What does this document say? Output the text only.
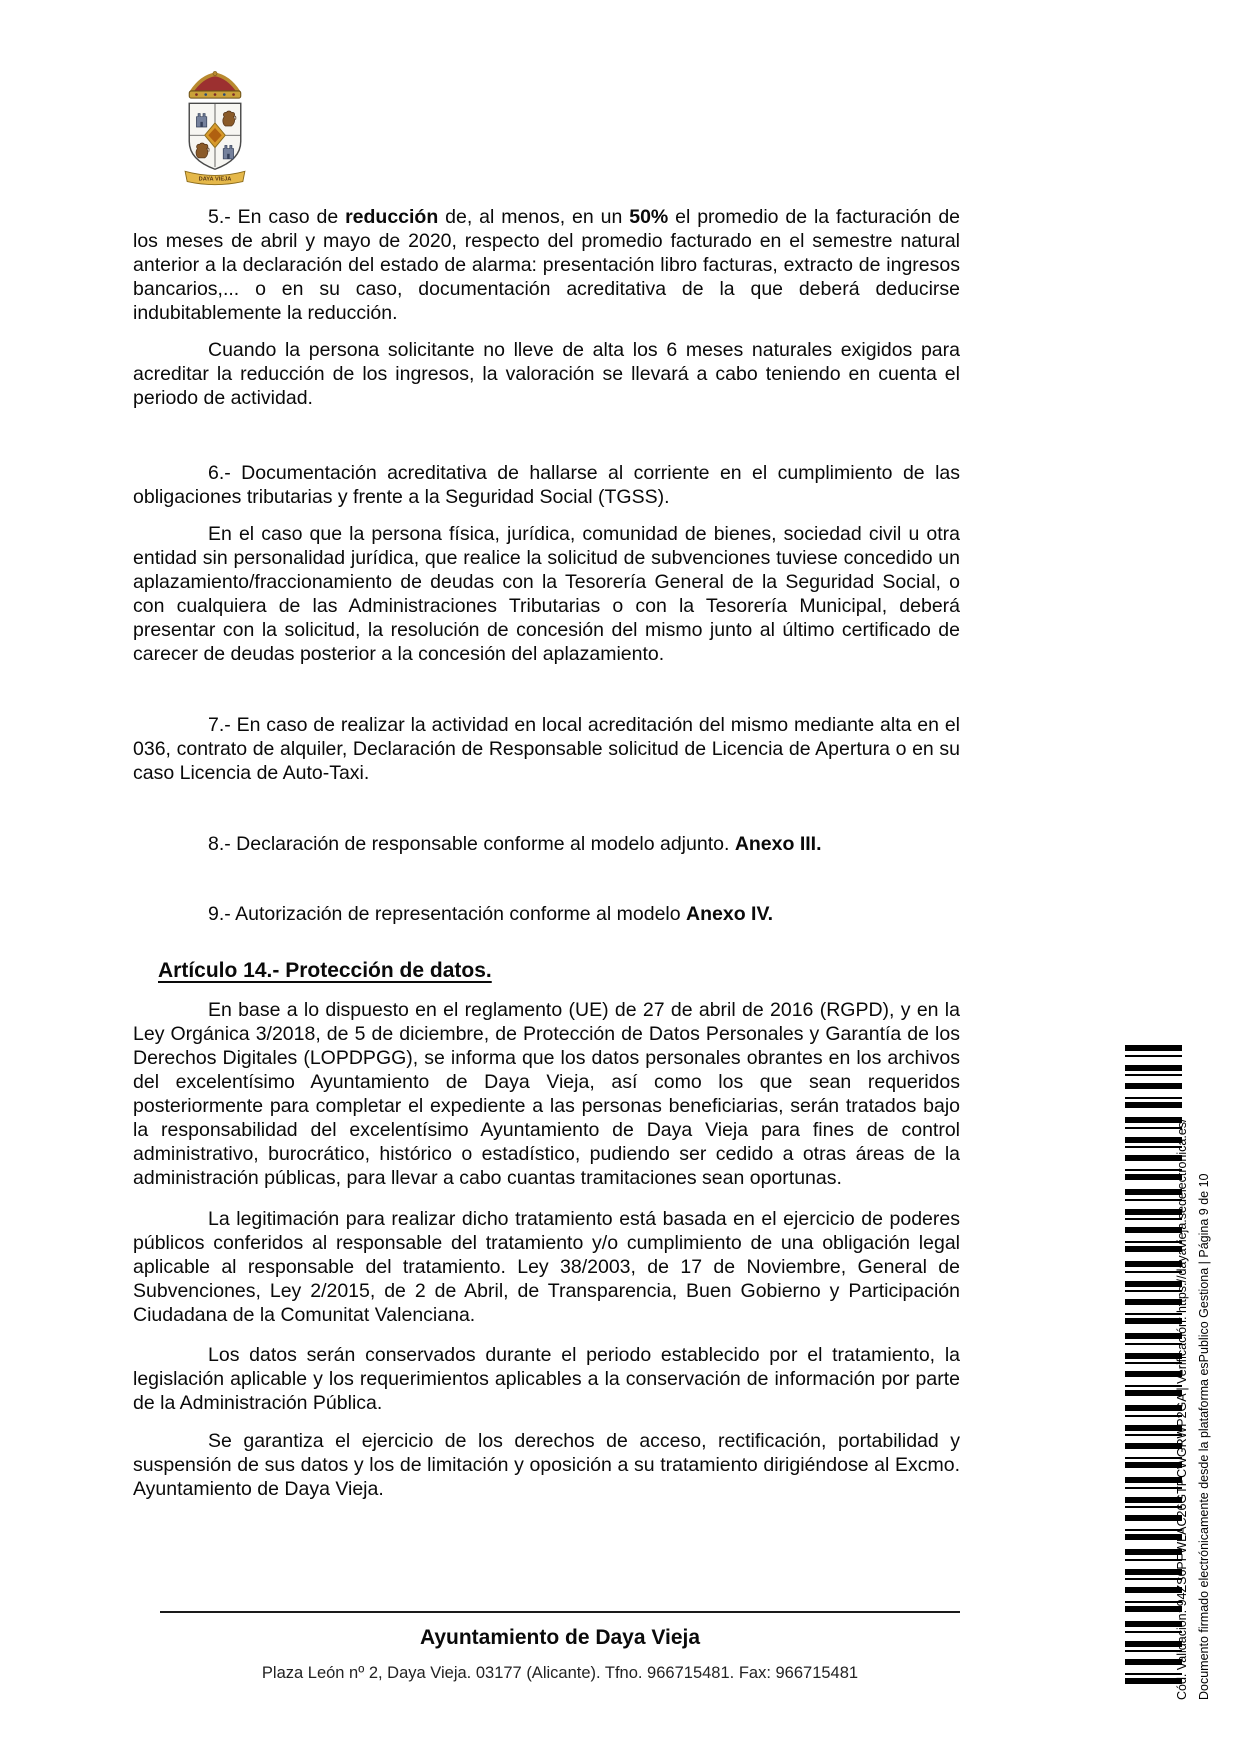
DAYA VIEJA

5.- En caso de reducción de, al menos, en un 50% el promedio de la facturación de los meses de abril y mayo de 2020, respecto del promedio facturado en el semestre natural anterior a la declaración del estado de alarma: presentación libro facturas, extracto de ingresos bancarios,... o en su caso, documentación acreditativa de la que deberá deducirse indubitablemente la reducción.

Cuando la persona solicitante no lleve de alta los 6 meses naturales exigidos para acreditar la reducción de los ingresos, la valoración se llevará a cabo teniendo en cuenta el periodo de actividad.

6.- Documentación acreditativa de hallarse al corriente en el cumplimiento de las obligaciones tributarias y frente a la Seguridad Social (TGSS).

En el caso que la persona física, jurídica, comunidad de bienes, sociedad civil u otra entidad sin personalidad jurídica, que realice la solicitud de subvenciones tuviese concedido un aplazamiento/fraccionamiento de deudas con la Tesorería General de la Seguridad Social, o con cualquiera de las Administraciones Tributarias o con la Tesorería Municipal, deberá presentar con la solicitud, la resolución de concesión del mismo junto al último certificado de carecer de deudas posterior a la concesión del aplazamiento.

7.- En caso de realizar la actividad en local acreditación del mismo mediante alta en el 036, contrato de alquiler, Declaración de Responsable solicitud de Licencia de Apertura o en su caso Licencia de Auto-Taxi.

8.- Declaración de responsable conforme al modelo adjunto. Anexo III.

9.- Autorización de representación conforme al modelo Anexo IV.

Artículo 14.- Protección de datos.

En base a lo dispuesto en el reglamento (UE) de 27 de abril de 2016 (RGPD), y en la Ley Orgánica 3/2018, de 5 de diciembre, de Protección de Datos Personales y Garantía de los Derechos Digitales (LOPDPGG), se informa que los datos personales obrantes en los archivos del excelentísimo Ayuntamiento de Daya Vieja, así como los que sean requeridos posteriormente para completar el expediente a las personas beneficiarias, serán tratados bajo la responsabilidad del excelentísimo Ayuntamiento de Daya Vieja para fines de control administrativo, burocrático, histórico o estadístico, pudiendo ser cedido a otras áreas de la administración públicas, para llevar a cabo cuantas tramitaciones sean oportunas.

La legitimación para realizar dicho tratamiento está basada en el ejercicio de poderes públicos conferidos al responsable del tratamiento y/o cumplimiento de una obligación legal aplicable al responsable del tratamiento. Ley 38/2003, de 17 de Noviembre, General de Subvenciones, Ley 2/2015, de 2 de Abril, de Transparencia, Buen Gobierno y Participación Ciudadana de la Comunitat Valenciana.

Los datos serán conservados durante el periodo establecido por el tratamiento, la legislación aplicable y los requerimientos aplicables a la conservación de información por parte de la Administración Pública.

Se garantiza el ejercicio de los derechos de acceso, rectificación, portabilidad y suspensión de sus datos y los de limitación y oposición a su tratamiento dirigiéndose al Excmo. Ayuntamiento de Daya Vieja.

Ayuntamiento de Daya Vieja
Plaza León nº 2, Daya Vieja. 03177 (Alicante). Tfno. 966715481. Fax: 966715481	Cód. Validación: 94ZS6PFWLAC26GTPCWGRWP2GA | Verificación: https://dayavieja.sedelectronica.es/ Documento firmado electrónicamente desde la plataforma esPublico Gestiona | Página 9 de 10
